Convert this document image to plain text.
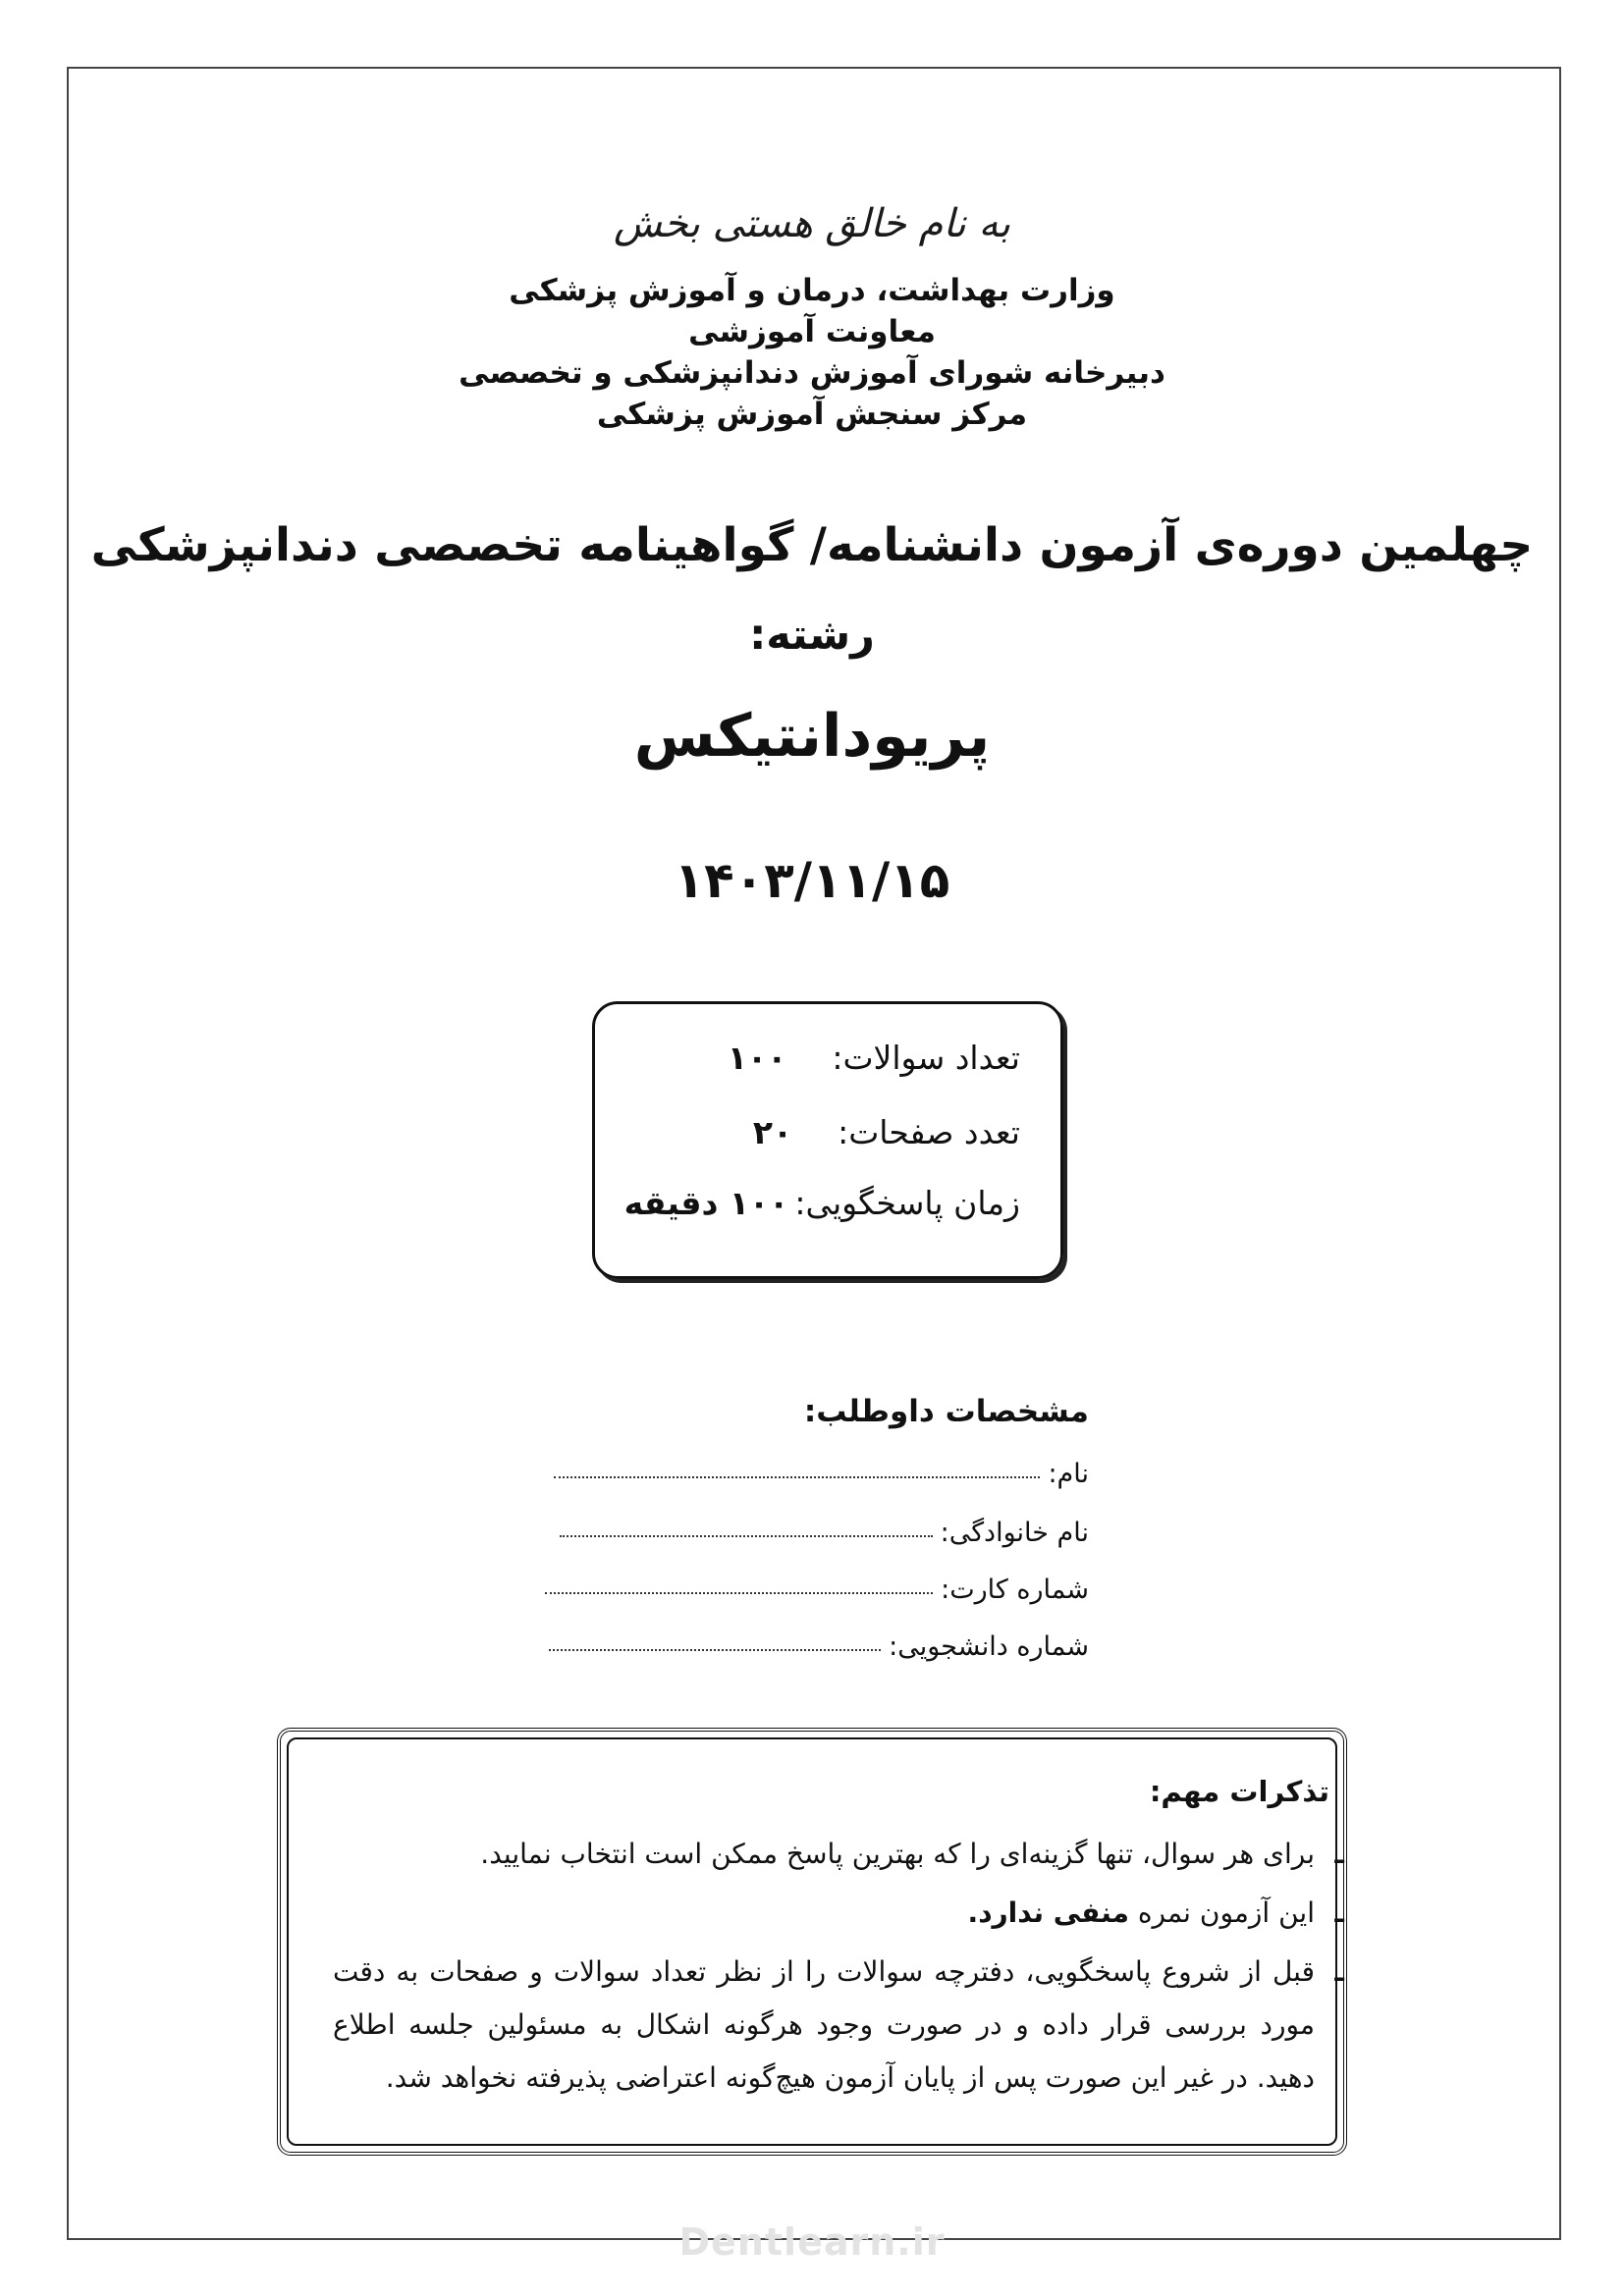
به نام خالق هستی بخش
وزارت بهداشت، درمان و آموزش پزشکی
معاونت آموزشی
دبیرخانه شورای آموزش دندانپزشکی و تخصصی
مرکز سنجش آموزش پزشکی
چهلمین دوره‌ی آزمون دانشنامه/ گواهینامه تخصصی دندانپزشکی
رشته:
پریودانتیکس
۱۴۰۳/۱۱/۱۵
تعداد سوالات:
۱۰۰
تعدد صفحات:
۲۰
زمان پاسخگویی:
۱۰۰ دقیقه
مشخصات داوطلب:
نام:
نام خانوادگی:
شماره کارت:
شماره دانشجویی:
تذکرات مهم:
ـ
برای هر سوال، تنها گزینه‌ای را که بهترین پاسخ ممکن است انتخاب نمایید.
ـ
این آزمون نمره منفی ندارد.
ـ
قبل از شروع پاسخگویی، دفترچه سوالات را از نظر تعداد سوالات و صفحات به دقت مورد بررسی قرار داده و در صورت وجود هرگونه اشکال به مسئولین جلسه اطلاع دهید. در غیر این صورت پس از پایان آزمون هیچ‌گونه اعتراضی پذیرفته نخواهد شد.
Dentlearn.ir
